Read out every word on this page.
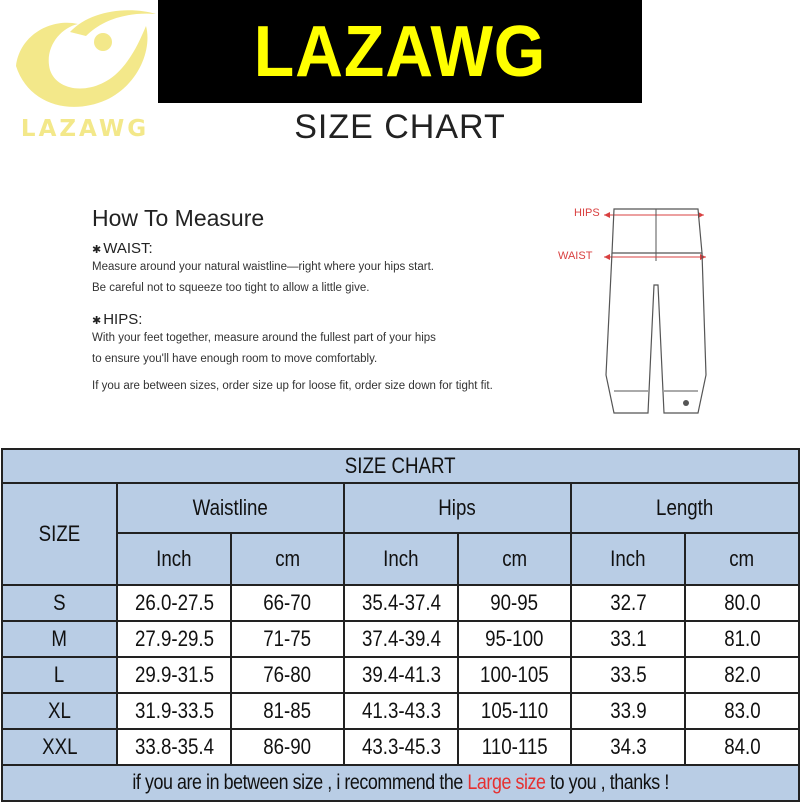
LAZAWG
LAZAWG
SIZE CHART
How To Measure
✱ WAIST:
Measure around your natural waistline—right where your hips start.
Be careful not to squeeze too tight to allow a little give.
✱ HIPS:
With your feet together, measure around the fullest part of your hips
to ensure you'll have enough room to move comfortably.
If you are between sizes, order size up for loose fit, order size down for tight fit.
HIPS
WAIST
SIZE CHART						
SIZE	Waistline		Hips		Length	
	Inch	cm	Inch	cm	Inch	cm
S	26.0-27.5	66-70	35.4-37.4	90-95	32.7	80.0
M	27.9-29.5	71-75	37.4-39.4	95-100	33.1	81.0
L	29.9-31.5	76-80	39.4-41.3	100-105	33.5	82.0
XL	31.9-33.5	81-85	41.3-43.3	105-110	33.9	83.0
XXL	33.8-35.4	86-90	43.3-45.3	110-115	34.3	84.0
if you are in between size , i recommend the Large size to you , thanks !						
